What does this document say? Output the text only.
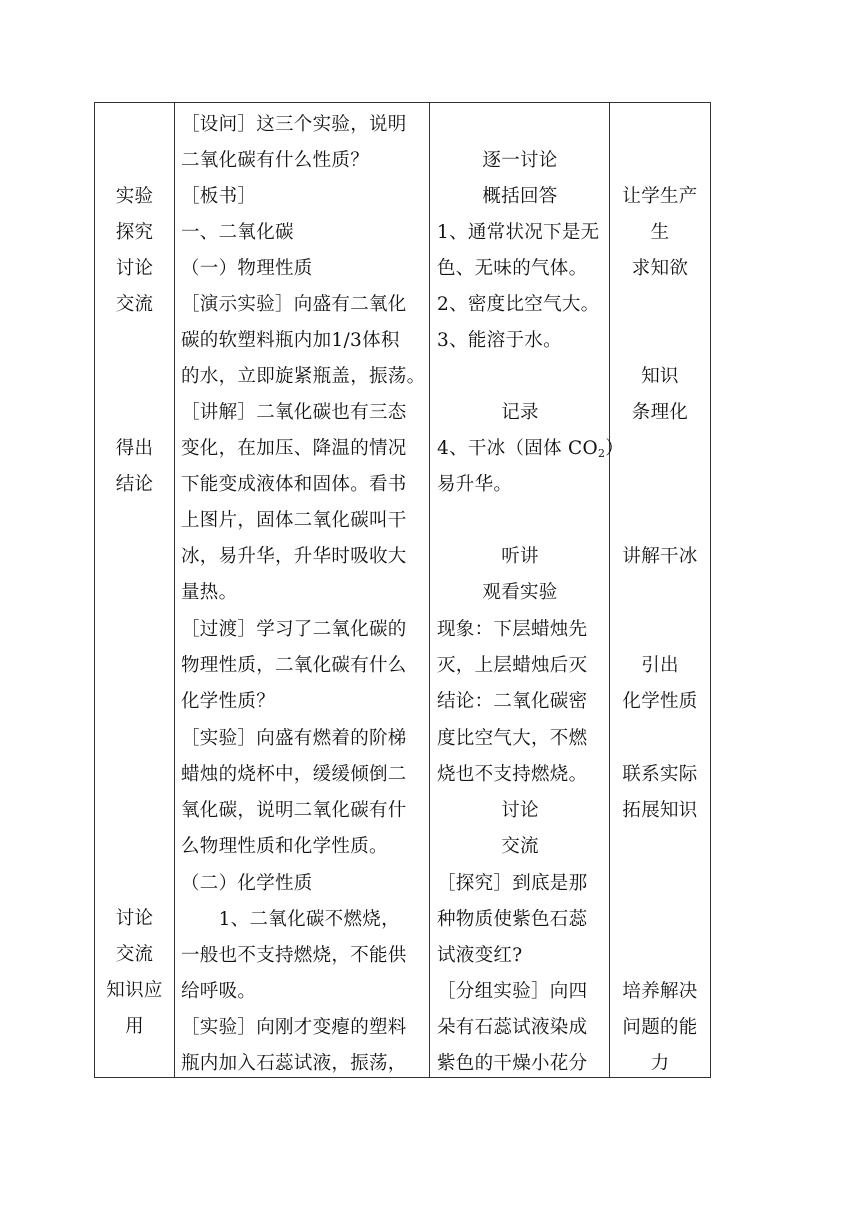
实验
探究
讨论
交流
得出
结论
讨论
交流
知识应
用
［设问］这三个实验，说明
二氧化碳有什么性质？
［板书］
一、二氧化碳
（一）物理性质
［演示实验］向盛有二氧化
碳的软塑料瓶内加1/3体积
的水，立即旋紧瓶盖，振荡。
［讲解］二氧化碳也有三态
变化，在加压、降温的情况
下能变成液体和固体。看书
上图片，固体二氧化碳叫干
冰，易升华，升华时吸收大
量热。
［过渡］学习了二氧化碳的
物理性质，二氧化碳有什么
化学性质？
［实验］向盛有燃着的阶梯
蜡烛的烧杯中，缓缓倾倒二
氧化碳，说明二氧化碳有什
么物理性质和化学性质。
（二）化学性质
　　1、二氧化碳不燃烧，
一般也不支持燃烧，不能供
给呼吸。
［实验］向刚才变瘪的塑料
瓶内加入石蕊试液，振荡，
逐一讨论
概括回答
1、通常状况下是无
色、无味的气体。
2、密度比空气大。
3、能溶于水。
记录
4、干冰（固体 $CO_2$）
易升华。
听讲
观看实验
现象：下层蜡烛先
灭，上层蜡烛后灭
结论：二氧化碳密
度比空气大，不燃
烧也不支持燃烧。
讨论
交流
［探究］到底是那
种物质使紫色石蕊
试液变红?
［分组实验］向四
朵有石蕊试液染成
紫色的干燥小花分
让学生产
生
求知欲
知识
条理化
讲解干冰
引出
化学性质
联系实际
拓展知识
培养解决
问题的能
力
